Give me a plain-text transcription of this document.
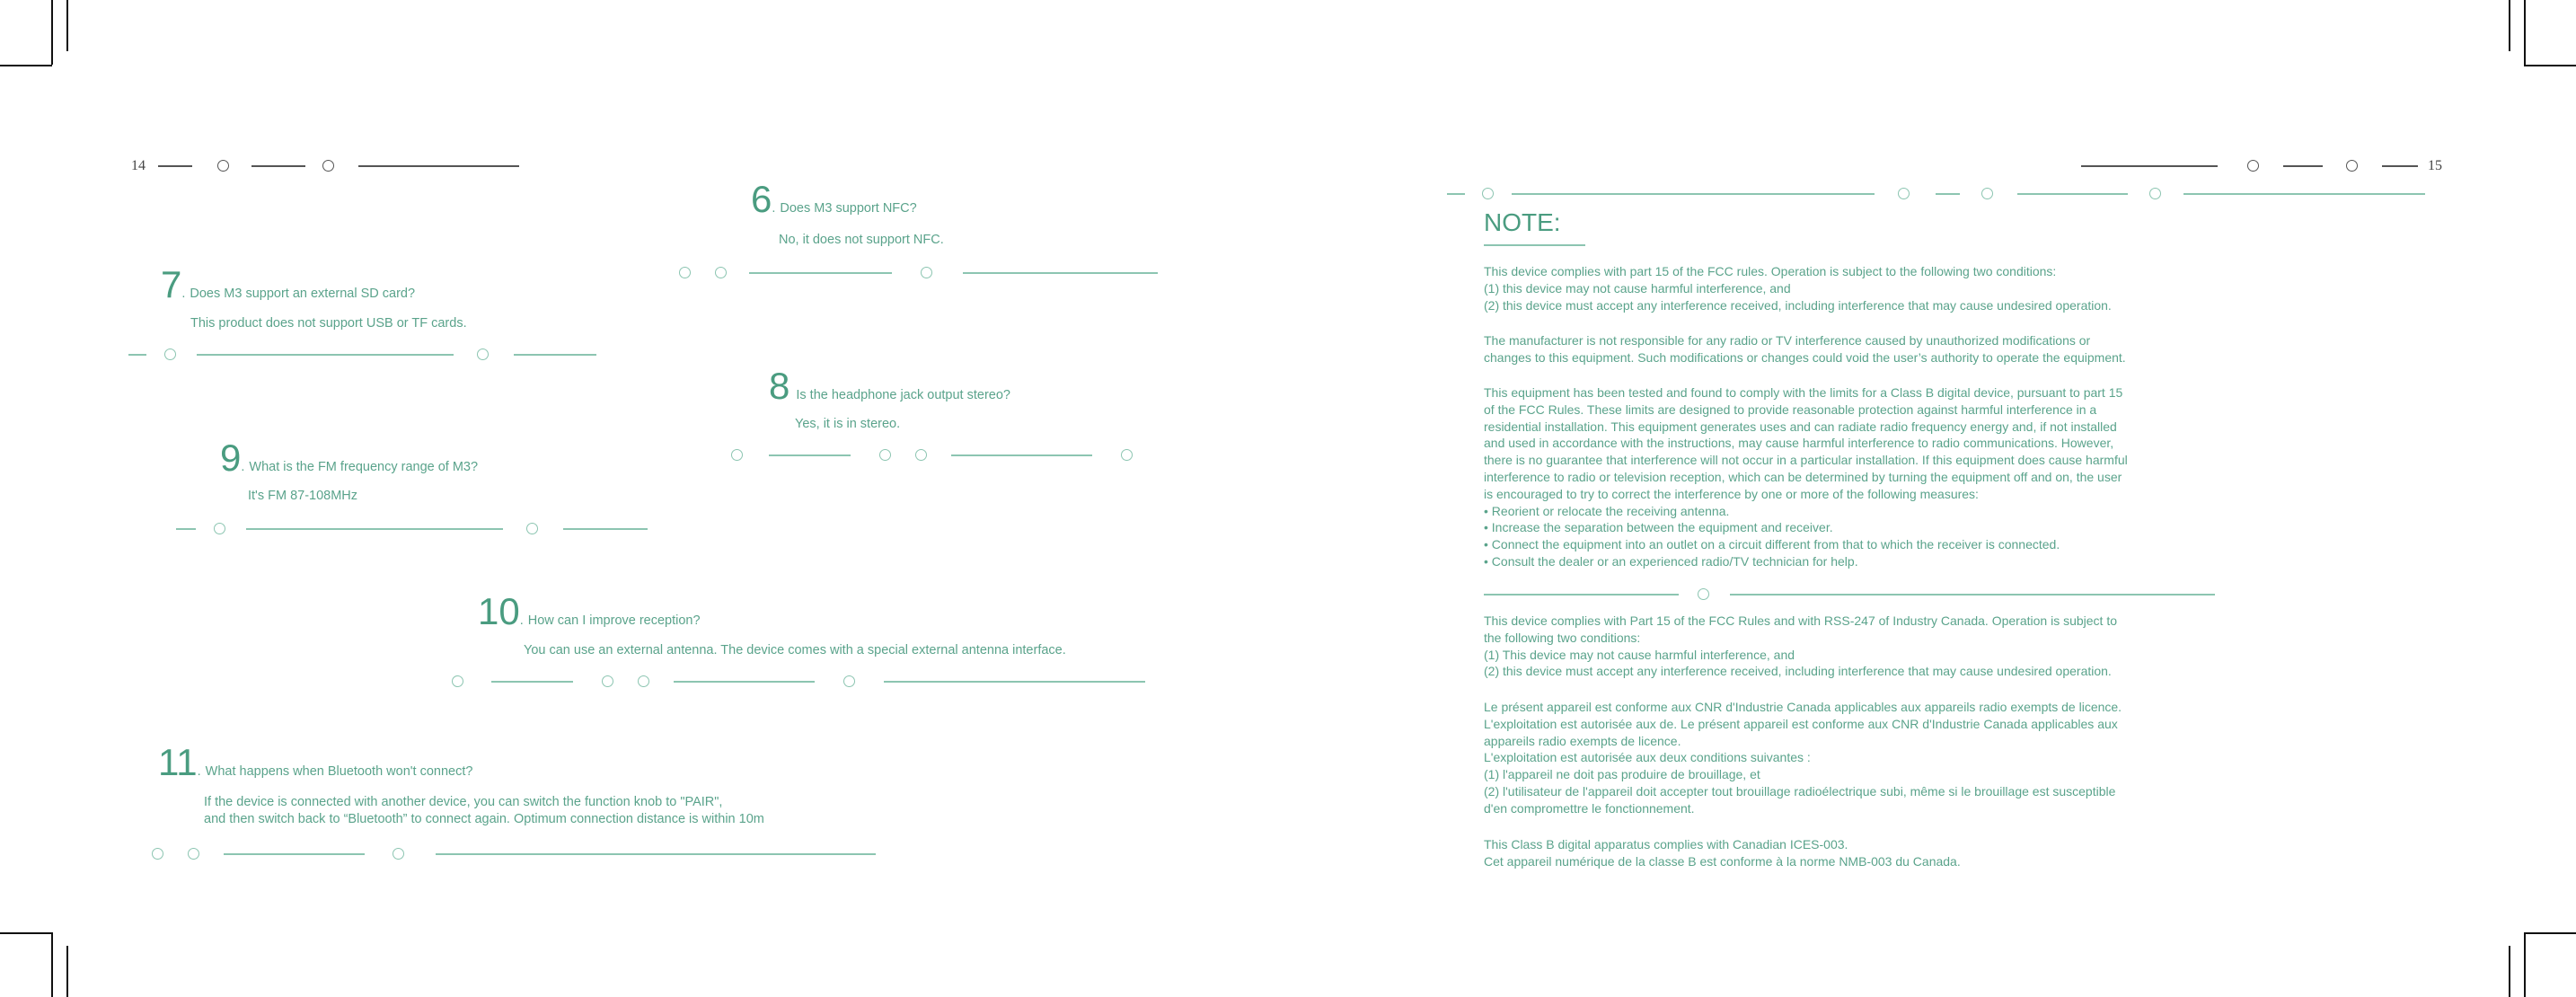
14	15
6 . Does M3 support NFC?
No, it does not support NFC.
7 . Does M3 support an external SD card?
This product does not support USB or TF cards.
8 Is the headphone jack output stereo?
Yes, it is in stereo.
9 . What is the FM frequency range of M3?
It's FM 87-108MHz
10 . How can I improve reception?
You can use an external antenna. The device comes with a special external antenna interface.
11 . What happens when Bluetooth won't connect?
If the device is connected with another device, you can switch the function knob to "PAIR",
and then switch back to “Bluetooth” to connect again. Optimum connection distance is within 10m
NOTE:
This device complies with part 15 of the FCC rules. Operation is subject to the following two conditions:
(1) this device may not cause harmful interference, and
(2) this device must accept any interference received, including interference that may cause undesired operation.
The manufacturer is not responsible for any radio or TV interference caused by unauthorized modifications or
changes to this equipment. Such modifications or changes could void the user’s authority to operate the equipment.
This equipment has been tested and found to comply with the limits for a Class B digital device, pursuant to part 15
of the FCC Rules. These limits are designed to provide reasonable protection against harmful interference in a
residential installation. This equipment generates uses and can radiate radio frequency energy and, if not installed
and used in accordance with the instructions, may cause harmful interference to radio communications. However,
there is no guarantee that interference will not occur in a particular installation. If this equipment does cause harmful
interference to radio or television reception, which can be determined by turning the equipment off and on, the user
is encouraged to try to correct the interference by one or more of the following measures:
• Reorient or relocate the receiving antenna.
• Increase the separation between the equipment and receiver.
• Connect the equipment into an outlet on a circuit different from that to which the receiver is connected.
• Consult the dealer or an experienced radio/TV technician for help.
This device complies with Part 15 of the FCC Rules and with RSS-247 of Industry Canada. Operation is subject to
the following two conditions:
(1) This device may not cause harmful interference, and
(2) this device must accept any interference received, including interference that may cause undesired operation.
Le présent appareil est conforme aux CNR d'Industrie Canada applicables aux appareils radio exempts de licence.
L'exploitation est autorisée aux de. Le présent appareil est conforme aux CNR d'Industrie Canada applicables aux
appareils radio exempts de licence.
L'exploitation est autorisée aux deux conditions suivantes :
(1) l'appareil ne doit pas produire de brouillage, et
(2) l'utilisateur de l'appareil doit accepter tout brouillage radioélectrique subi, même si le brouillage est susceptible
d'en compromettre le fonctionnement.
This Class B digital apparatus complies with Canadian ICES-003.
Cet appareil numérique de la classe B est conforme à la norme NMB-003 du Canada.
